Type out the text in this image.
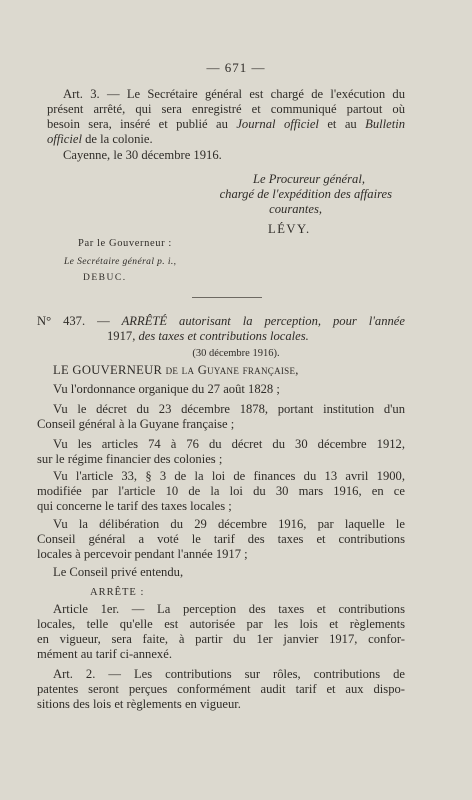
— 671 —
Art. 3. — Le Secrétaire général est chargé de l'exécution du
présent arrêté, qui sera enregistré et communiqué partout où
besoin sera, inséré et publié au Journal officiel et au Bulletin
officiel de la colonie.
Cayenne, le 30 décembre 1916.
Le Procureur général,
chargé de l'expédition des affaires
courantes,
LÉVY.
Par le Gouverneur :
Le Secrétaire général p. i.,
DEBUC.
N° 437. — ARRÊTÉ autorisant la perception, pour l'année
1917, des taxes et contributions locales.
(30 décembre 1916).
LE GOUVERNEUR de la Guyane française,
Vu l'ordonnance organique du 27 août 1828 ;
Vu le décret du 23 décembre 1878, portant institution d'un
Conseil général à la Guyane française ;
Vu les articles 74 à 76 du décret du 30 décembre 1912,
sur le régime financier des colonies ;
Vu l'article 33, § 3 de la loi de finances du 13 avril 1900,
modifiée par l'article 10 de la loi du 30 mars 1916, en ce
qui concerne le tarif des taxes locales ;
Vu la délibération du 29 décembre 1916, par laquelle le
Conseil général a voté le tarif des taxes et contributions
locales à percevoir pendant l'année 1917 ;
Le Conseil privé entendu,
ARRÊTE :
Article 1er. — La perception des taxes et contributions
locales, telle qu'elle est autorisée par les lois et règlements
en vigueur, sera faite, à partir du 1er janvier 1917, confor-
mément au tarif ci-annexé.
Art. 2. — Les contributions sur rôles, contributions de
patentes seront perçues conformément audit tarif et aux dispo-
sitions des lois et règlements en vigueur.
